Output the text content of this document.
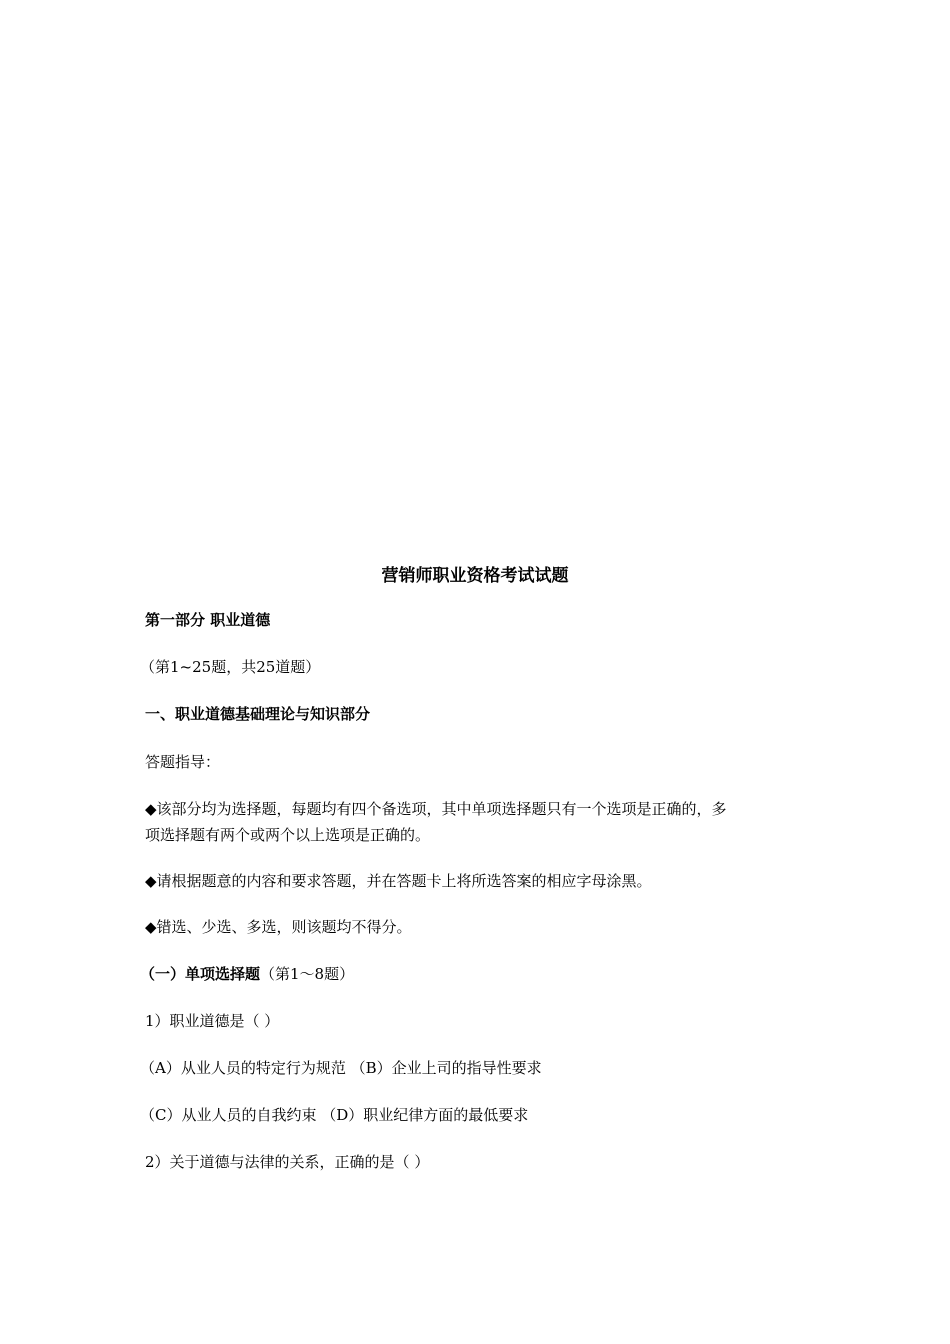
营销师职业资格考试试题
第一部分 职业道德
（第1~25题，共25道题）
一、职业道德基础理论与知识部分
答题指导：
◆该部分均为选择题，每题均有四个备选项，其中单项选择题只有一个选项是正确的，多
项选择题有两个或两个以上选项是正确的。
◆请根据题意的内容和要求答题，并在答题卡上将所选答案的相应字母涂黑。
◆错选、少选、多选，则该题均不得分。
（一）单项选择题（第1～8题）
1）职业道德是（ ）
（A）从业人员的特定行为规范 （B）企业上司的指导性要求
（C）从业人员的自我约束 （D）职业纪律方面的最低要求
2）关于道德与法律的关系，正确的是（ ）
